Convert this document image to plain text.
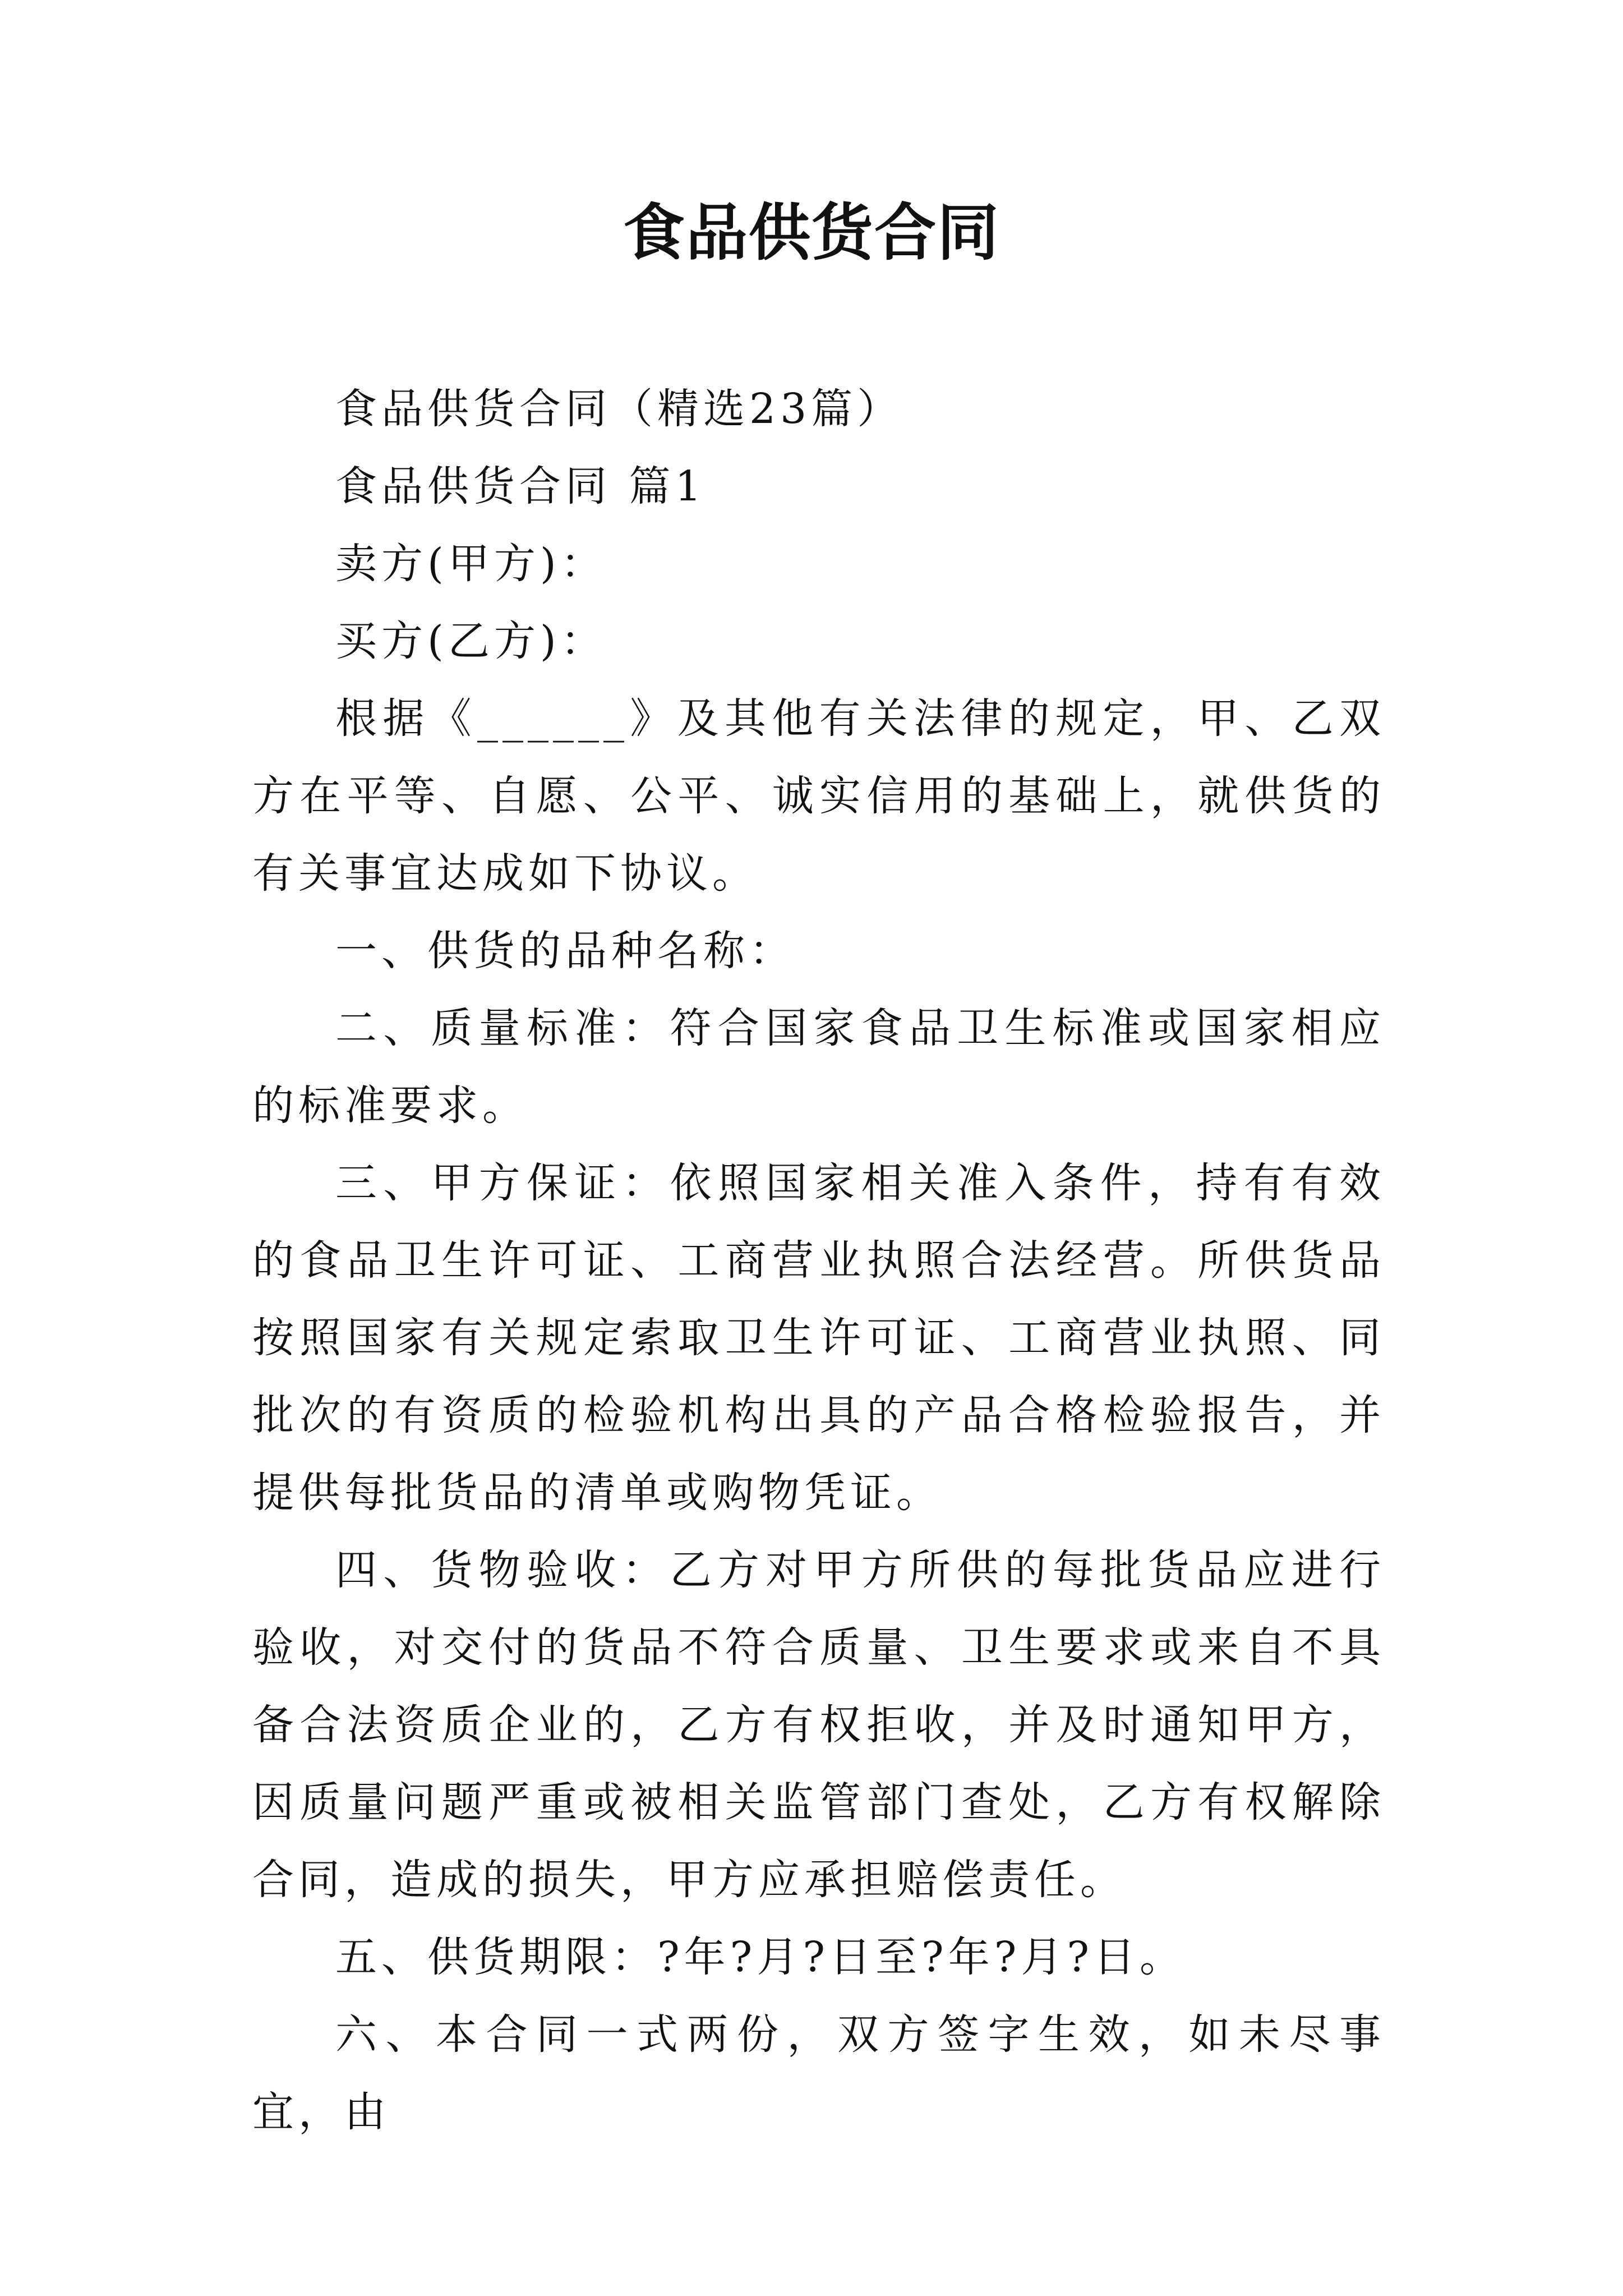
食品供货合同

食品供货合同（精选23篇）

食品供货合同 篇1

卖方(甲方)：

买方(乙方)：

根据《______》及其他有关法律的规定，甲、乙双方在平等、自愿、公平、诚实信用的基础上，就供货的有关事宜达成如下协议。

一、供货的品种名称：

二、质量标准：符合国家食品卫生标准或国家相应的标准要求。

三、甲方保证：依照国家相关准入条件，持有有效的食品卫生许可证、工商营业执照合法经营。所供货品按照国家有关规定索取卫生许可证、工商营业执照、同批次的有资质的检验机构出具的产品合格检验报告，并提供每批货品的清单或购物凭证。

四、货物验收：乙方对甲方所供的每批货品应进行验收，对交付的货品不符合质量、卫生要求或来自不具备合法资质企业的，乙方有权拒收，并及时通知甲方，因质量问题严重或被相关监管部门查处，乙方有权解除合同，造成的损失，甲方应承担赔偿责任。

五、供货期限：?年?月?日至?年?月?日。

六、本合同一式两份，双方签字生效，如未尽事宜，由
